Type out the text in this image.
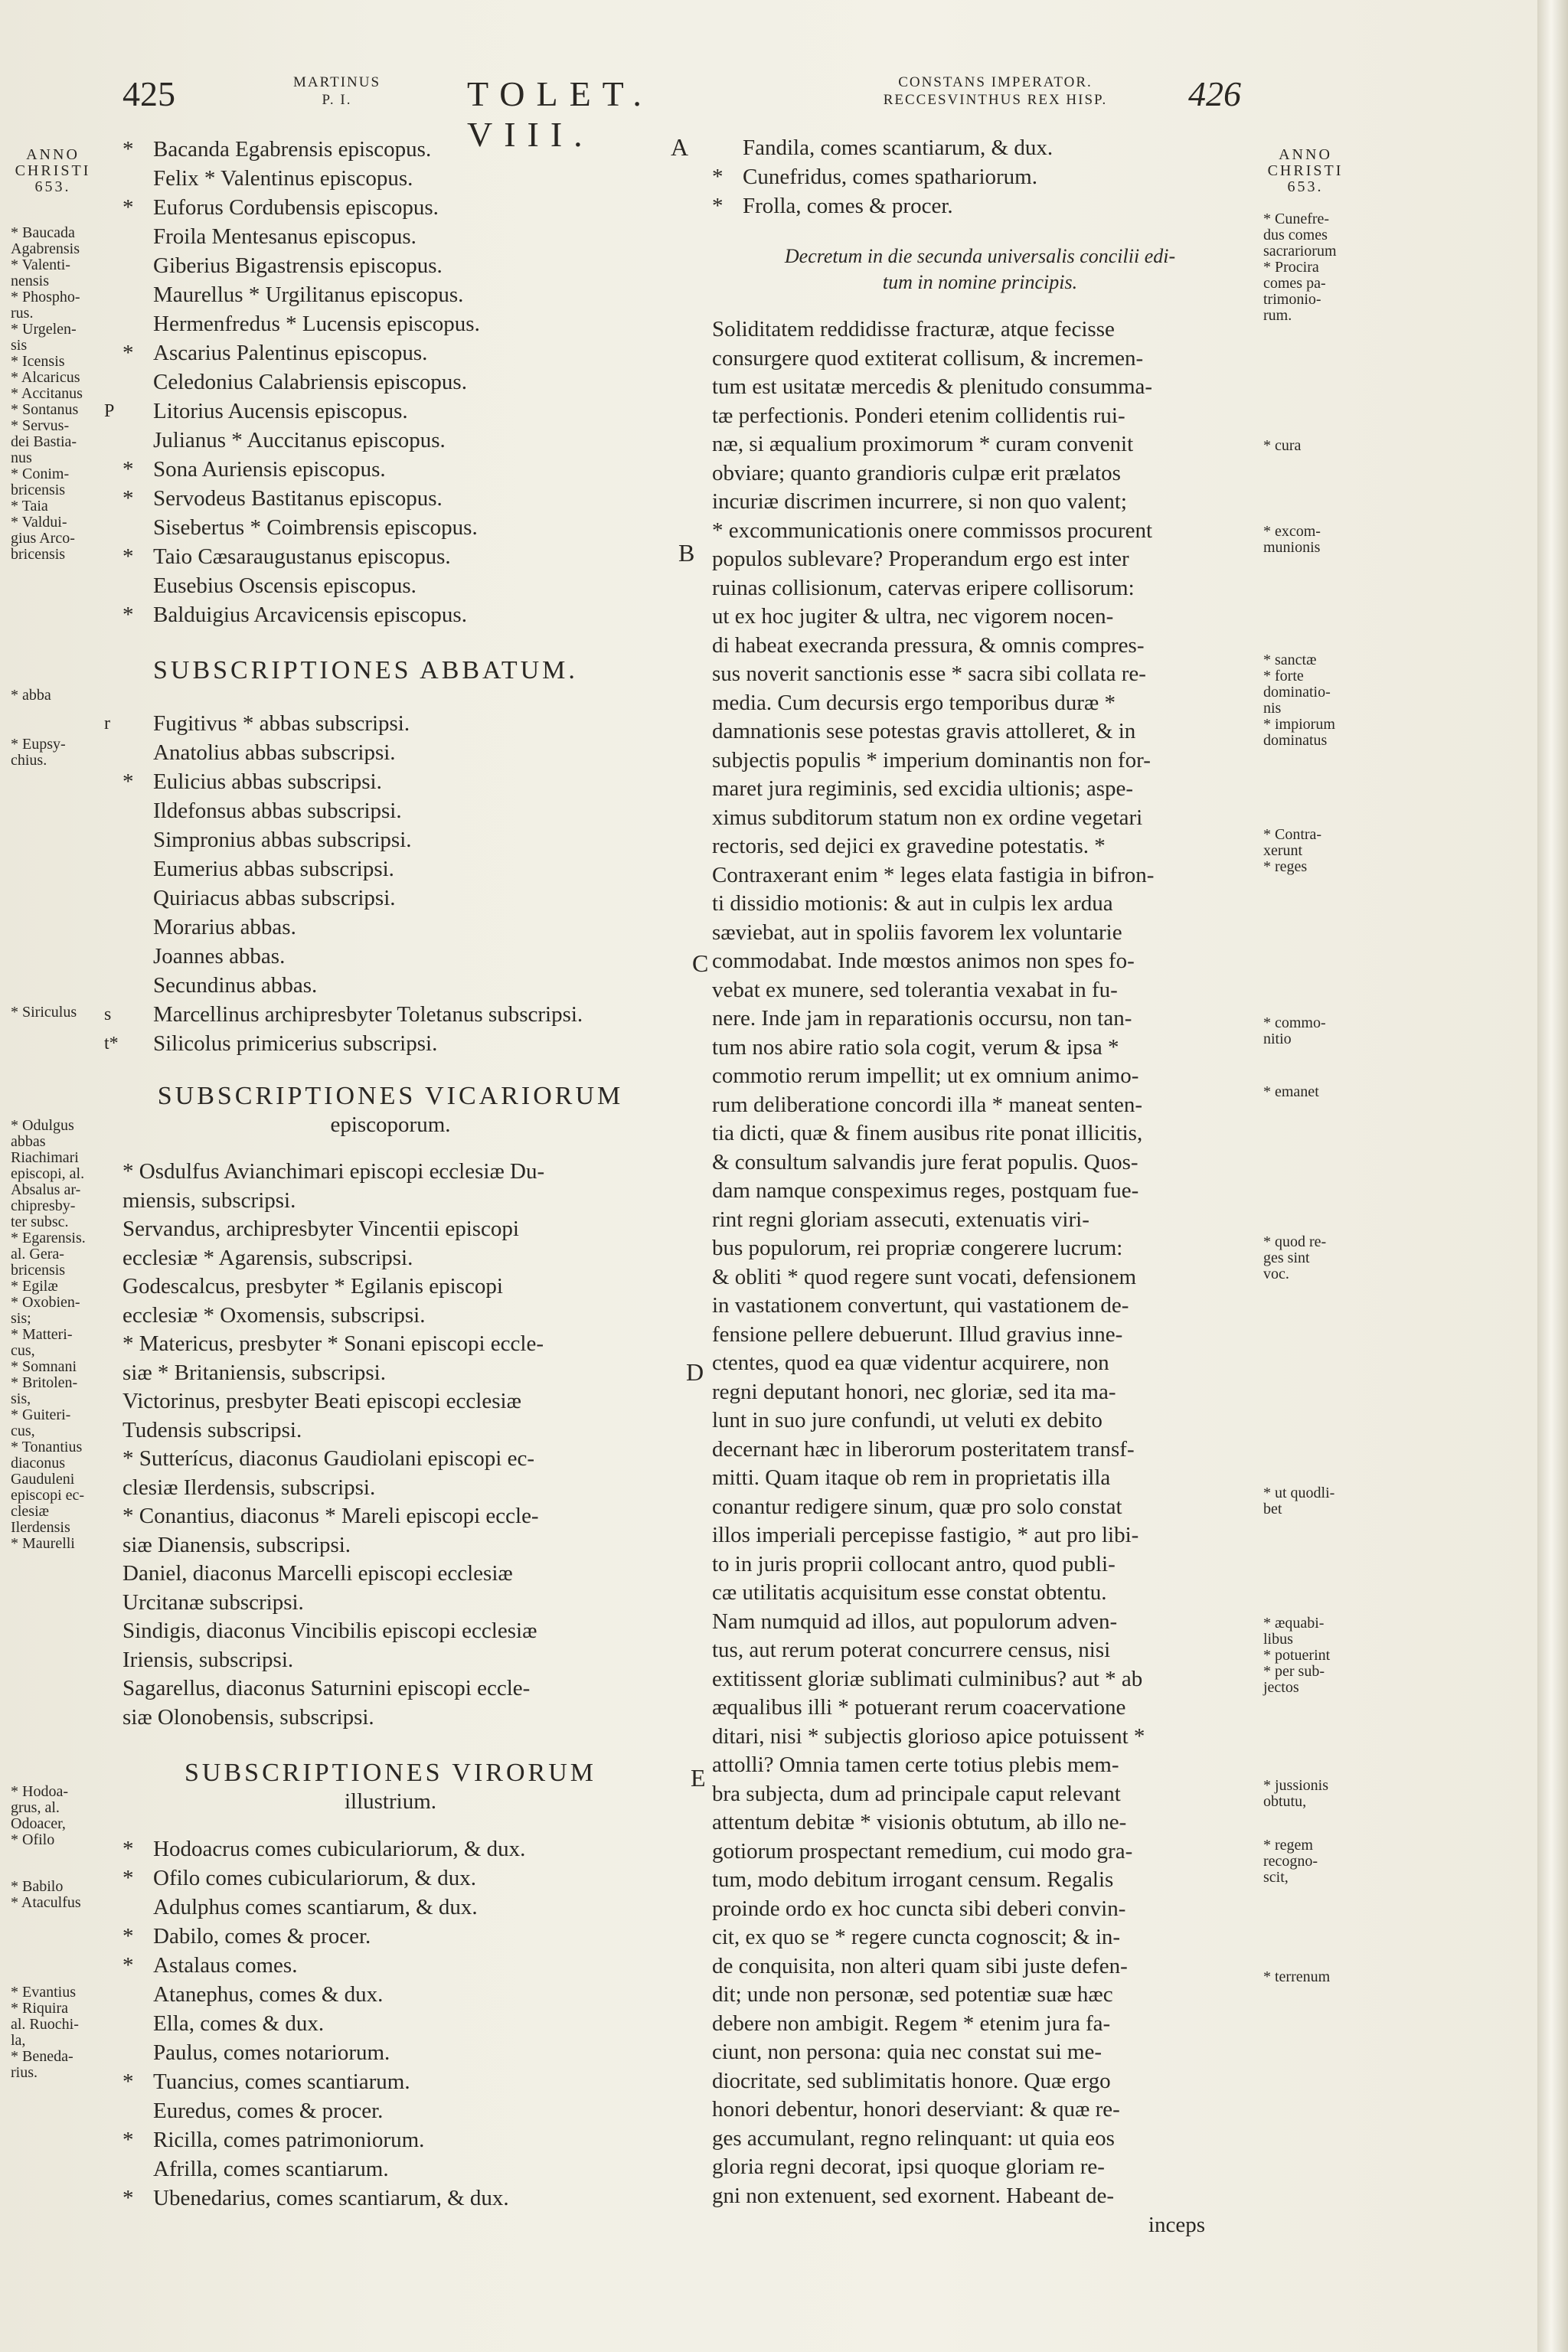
425	MARTINUS
P. I.	TOLET. VIII.
CONSTANS IMPERATOR.
RECCESVINTHUS REX HISP.	426
ANNO
CHRISTI
653.
* Baucada
Agabrensis
* Valenti-
nensis
* Phospho-
rus.
* Urgelen-
sis
* Icensis
* Alcaricus
* Accitanus
* Sontanus
* Servus-
dei Bastia-
nus
* Conim-
bricensis
* Taia
* Valdui-
gius Arco-
bricensis
* abba
* Eupsy-
chius.
* Siriculus
* Odulgus
abbas
Riachimari
episcopi, al.
Absalus ar-
chipresby-
ter subsc.
* Egarensis.
al. Gera-
bricensis
* Egilæ
* Oxobien-
sis;
* Matteri-
cus,
* Somnani
* Britolen-
sis,
* Guiteri-
cus,
* Tonantius
diaconus
Gauduleni
episcopi ec-
clesiæ
Ilerdensis
* Maurelli
* Hodoa-
grus, al.
Odoacer,
* Ofilo
* Babilo
* Ataculfus
* Evantius
* Riquira
al. Ruochi-
la,
* Beneda-
rius.
* Bacanda Egabrensis episcopus.
Felix * Valentinus episcopus.
* Euforus Cordubensis episcopus.
Froila Mentesanus episcopus.
Giberius Bigastrensis episcopus.
Maurellus * Urgilitanus episcopus.
Hermenfredus * Lucensis episcopus.
* Ascarius Palentinus episcopus.
Celedonius Calabriensis episcopus.
P Litorius Aucensis episcopus.
Julianus * Auccitanus episcopus.
* Sona Auriensis episcopus.
* Servodeus Bastitanus episcopus.
Sisebertus * Coimbrensis episcopus.
* Taio Cæsaraugustanus episcopus.
Eusebius Oscensis episcopus.
* Balduigius Arcavicensis episcopus.
SUBSCRIPTIONES ABBATUM.
r Fugitivus * abbas subscripsi.
Anatolius abbas subscripsi.
* Eulicius abbas subscripsi.
Ildefonsus abbas subscripsi.
Simpronius abbas subscripsi.
Eumerius abbas subscripsi.
Quiriacus abbas subscripsi.
Morarius abbas.
Joannes abbas.
Secundinus abbas.
s Marcellinus archipresbyter Toletanus subscripsi.
t* Silicolus primicerius subscripsi.
SUBSCRIPTIONES VICARIORUM
episcoporum.
* Osdulfus Avianchimari episcopi ecclesiæ Du-
miensis, subscripsi.
Servandus, archipresbyter Vincentii episcopi
ecclesiæ * Agarensis, subscripsi.
Godescalcus, presbyter * Egilanis episcopi
ecclesiæ * Oxomensis, subscripsi.
* Matericus, presbyter * Sonani episcopi eccle-
siæ * Britaniensis, subscripsi.
Victorinus, presbyter Beati episcopi ecclesiæ
Tudensis subscripsi.
* Sutterícus, diaconus Gaudiolani episcopi ec-
clesiæ Ilerdensis, subscripsi.
* Conantius, diaconus * Mareli episcopi eccle-
siæ Dianensis, subscripsi.
Daniel, diaconus Marcelli episcopi ecclesiæ
Urcitanæ subscripsi.
Sindigis, diaconus Vincibilis episcopi ecclesiæ
Iriensis, subscripsi.
Sagarellus, diaconus Saturnini episcopi eccle-
siæ Olonobensis, subscripsi.
SUBSCRIPTIONES VIRORUM
illustrium.
* Hodoacrus comes cubiculariorum, & dux.
* Ofilo comes cubiculariorum, & dux.
Adulphus comes scantiarum, & dux.
* Dabilo, comes & procer.
* Astalaus comes.
Atanephus, comes & dux.
Ella, comes & dux.
Paulus, comes notariorum.
* Tuancius, comes scantiarum.
Euredus, comes & procer.
* Ricilla, comes patrimoniorum.
Afrilla, comes scantiarum.
* Ubenedarius, comes scantiarum, & dux.
A
B
C
D
E
Fandila, comes scantiarum, & dux.
* Cunefridus, comes spathariorum.
* Frolla, comes & procer.
Decretum in die secunda universalis concilii edi-
tum in nomine principis.
Soliditatem reddidisse fracturæ, atque fecisse
consurgere quod extiterat collisum, & incremen-
tum est usitatæ mercedis & plenitudo consumma-
tæ perfectionis. Ponderi etenim collidentis rui-
næ, si æqualium proximorum * curam convenit
obviare; quanto grandioris culpæ erit prælatos
incuriæ discrimen incurrere, si non quo valent;
* excommunicationis onere commissos procurent
populos sublevare? Properandum ergo est inter
ruinas collisionum, catervas eripere collisorum:
ut ex hoc jugiter & ultra, nec vigorem nocen-
di habeat execranda pressura, & omnis compres-
sus noverit sanctionis esse * sacra sibi collata re-
media. Cum decursis ergo temporibus duræ *
damnationis sese potestas gravis attolleret, & in
subjectis populis * imperium dominantis non for-
maret jura regiminis, sed excidia ultionis; aspe-
ximus subditorum statum non ex ordine vegetari
rectoris, sed dejici ex gravedine potestatis. *
Contraxerant enim * leges elata fastigia in bifron-
ti dissidio motionis: & aut in culpis lex ardua
sæviebat, aut in spoliis favorem lex voluntarie
commodabat. Inde mœstos animos non spes fo-
vebat ex munere, sed tolerantia vexabat in fu-
nere. Inde jam in reparationis occursu, non tan-
tum nos abire ratio sola cogit, verum & ipsa *
commotio rerum impellit; ut ex omnium animo-
rum deliberatione concordi illa * maneat senten-
tia dicti, quæ & finem ausibus rite ponat illicitis,
& consultum salvandis jure ferat populis. Quos-
dam namque conspeximus reges, postquam fue-
rint regni gloriam assecuti, extenuatis viri-
bus populorum, rei propriæ congerere lucrum:
& obliti * quod regere sunt vocati, defensionem
in vastationem convertunt, qui vastationem de-
fensione pellere debuerunt. Illud gravius inne-
ctentes, quod ea quæ videntur acquirere, non
regni deputant honori, nec gloriæ, sed ita ma-
lunt in suo jure confundi, ut veluti ex debito
decernant hæc in liberorum posteritatem transf-
mitti. Quam itaque ob rem in proprietatis illa
conantur redigere sinum, quæ pro solo constat
illos imperiali percepisse fastigio, * aut pro libi-
to in juris proprii collocant antro, quod publi-
cæ utilitatis acquisitum esse constat obtentu.
Nam numquid ad illos, aut populorum adven-
tus, aut rerum poterat concurrere census, nisi
extitissent gloriæ sublimati culminibus? aut * ab
æqualibus illi * potuerant rerum coacervatione
ditari, nisi * subjectis glorioso apice potuissent *
attolli? Omnia tamen certe totius plebis mem-
bra subjecta, dum ad principale caput relevant
attentum debitæ * visionis obtutum, ab illo ne-
gotiorum prospectant remedium, cui modo gra-
tum, modo debitum irrogant censum. Regalis
proinde ordo ex hoc cuncta sibi deberi convin-
cit, ex quo se * regere cuncta cognoscit; & in-
de conquisita, non alteri quam sibi juste defen-
dit; unde non personæ, sed potentiæ suæ hæc
debere non ambigit. Regem * etenim jura fa-
ciunt, non persona: quia nec constat sui me-
diocritate, sed sublimitatis honore. Quæ ergo
honori debentur, honori deserviant: & quæ re-
ges accumulant, regno relinquant: ut quia eos
gloria regni decorat, ipsi quoque gloriam re-
gni non extenuent, sed exornent. Habeant de-
inceps
ANNO
CHRISTI
653.
* Cunefre-
dus comes
sacrariorum
* Procira
comes pa-
trimonio-
rum.
* cura
* excom-
munionis
* sanctæ
* forte
dominatio-
nis
* impiorum
dominatus
* Contra-
xerunt
* reges
* commo-
nitio
* emanet
* quod re-
ges sint
voc.
* ut quodli-
bet
* æquabi-
libus
* potuerint
* per sub-
jectos
* jussionis
obtutu,
* regem
recogno-
scit,
* terrenum
